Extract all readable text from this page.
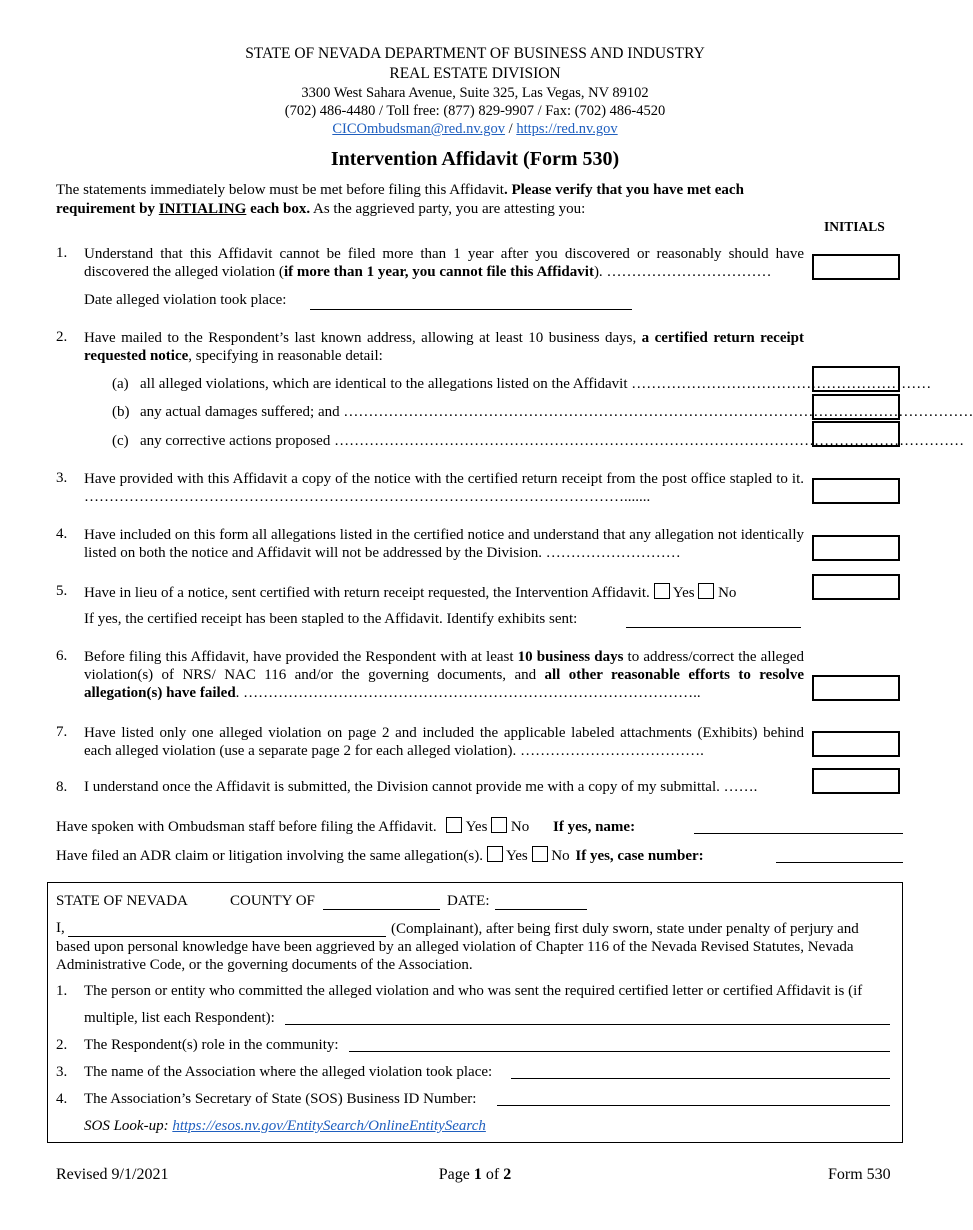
STATE OF NEVADA DEPARTMENT OF BUSINESS AND INDUSTRY
REAL ESTATE DIVISION
3300 West Sahara Avenue, Suite 325, Las Vegas, NV 89102
(702) 486-4480 / Toll free: (877) 829-9907 / Fax: (702) 486-4520
CICOmbudsman@red.nv.gov / https://red.nv.gov
Intervention Affidavit (Form 530)
The statements immediately below must be met before filing this Affidavit. Please verify that you have met each requirement by INITIALING each box. As the aggrieved party, you are attesting you:
INITIALS
1. Understand that this Affidavit cannot be filed more than 1 year after you discovered or reasonably should have discovered the alleged violation (if more than 1 year, you cannot file this Affidavit). ……………………………
Date alleged violation took place:
2. Have mailed to the Respondent’s last known address, allowing at least 10 business days, a certified return receipt requested notice, specifying in reasonable detail:
(a) all alleged violations, which are identical to the allegations listed on the Affidavit ……………………………………………………
(b) any actual damages suffered; and ………………………………………………………………………………………………………………
(c) any corrective actions proposed ………………………………………………………………………………………………………………
3. Have provided with this Affidavit a copy of the notice with the certified return receipt from the post office stapled to it. ……………………………………………………………………………………………….......
4. Have included on this form all allegations listed in the certified notice and understand that any allegation not identically listed on both the notice and Affidavit will not be addressed by the Division. ………………………
5. Have in lieu of a notice, sent certified with return receipt requested, the Intervention Affidavit. Yes No
If yes, the certified receipt has been stapled to the Affidavit. Identify exhibits sent:
6. Before filing this Affidavit, have provided the Respondent with at least 10 business days to address/correct the alleged violation(s) of NRS/ NAC 116 and/or the governing documents, and all other reasonable efforts to resolve allegation(s) have failed. ………………………………………………………………………………..
7. Have listed only one alleged violation on page 2 and included the applicable labeled attachments (Exhibits) behind each alleged violation (use a separate page 2 for each alleged violation). ……………………………….
8. I understand once the Affidavit is submitted, the Division cannot provide me with a copy of my submittal. …….
Have spoken with Ombudsman staff before filing the Affidavit. Yes No If yes, name:
Have filed an ADR claim or litigation involving the same allegation(s). Yes No If yes, case number:
STATE OF NEVADA	COUNTY OF	DATE:
I,	(Complainant), after being first duly sworn, state under penalty of perjury and based upon personal knowledge have been aggrieved by an alleged violation of Chapter 116 of the Nevada Revised Statutes, Nevada Administrative Code, or the governing documents of the Association.
1. The person or entity who committed the alleged violation and who was sent the required certified letter or certified Affidavit is (if
multiple, list each Respondent):
2. The Respondent(s) role in the community:
3. The name of the Association where the alleged violation took place:
4. The Association’s Secretary of State (SOS) Business ID Number:
SOS Look-up: https://esos.nv.gov/EntitySearch/OnlineEntitySearch
Revised 9/1/2021	Page 1 of 2	Form 530
